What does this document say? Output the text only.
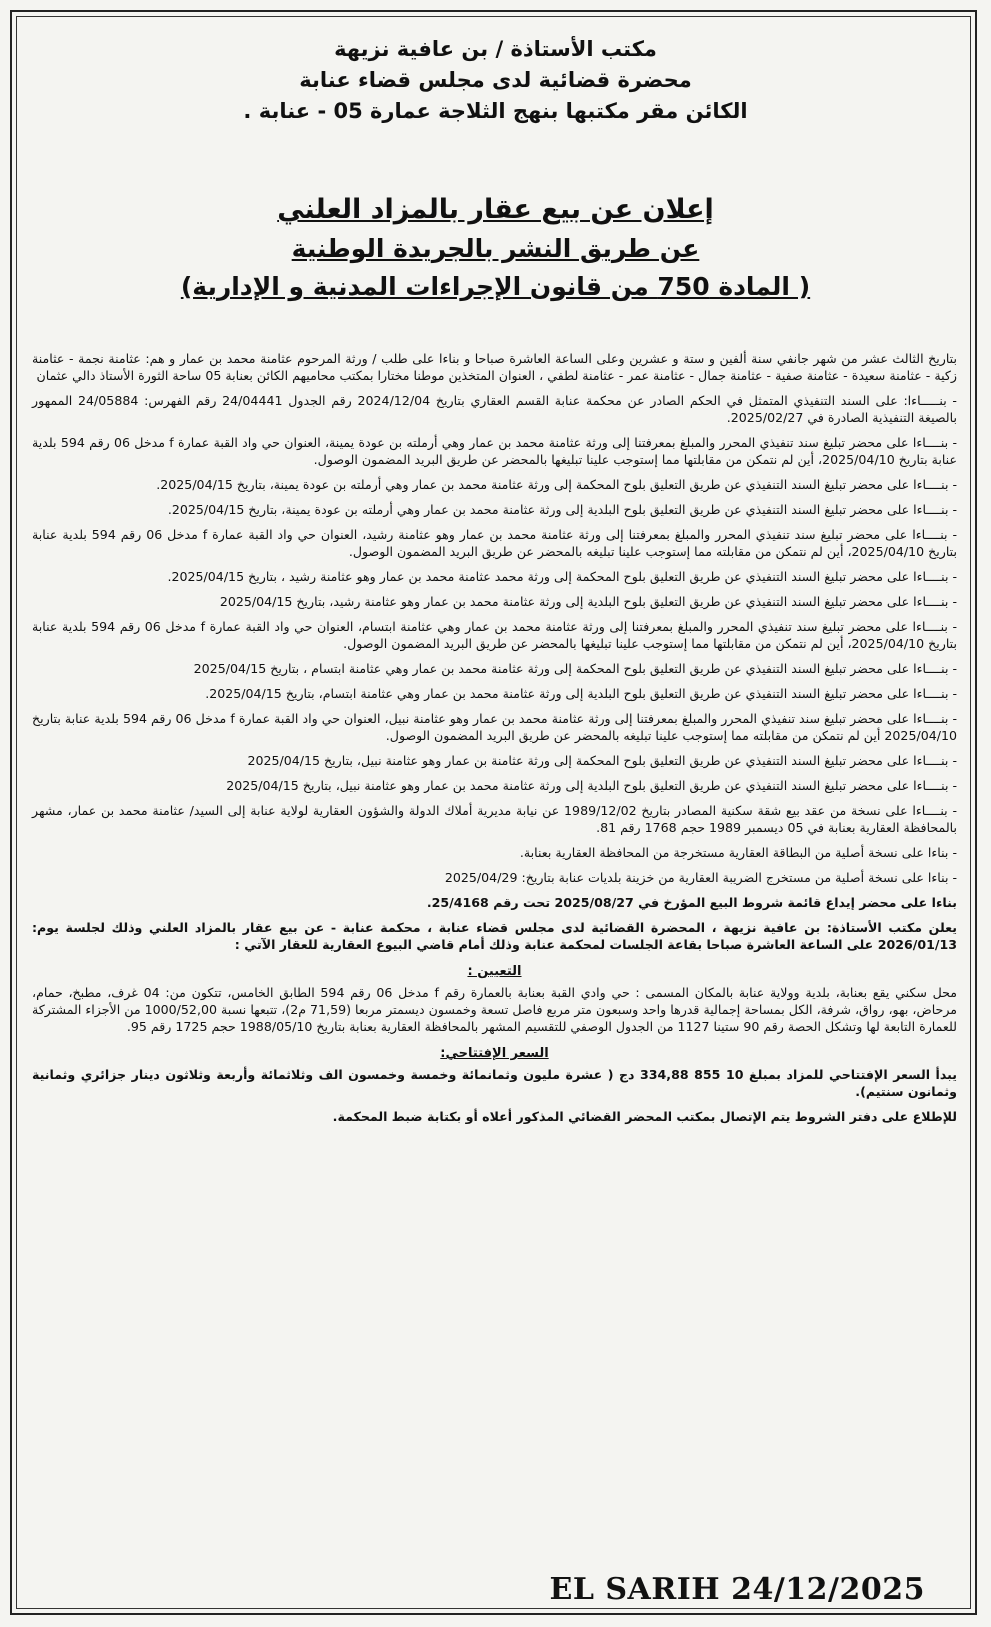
مكتب الأستاذة / بن عافية نزيهة
محضرة قضائية لدى مجلس قضاء عنابة
الكائن مقر مكتبها بنهج الثلاجة عمارة 05 - عنابة .
إعلان عن بيع عقار بالمزاد العلني
عن طريق النشر بالجريدة الوطنية
( المادة 750 من قانون الإجراءات المدنية و الإدارية)

بتاريخ الثالث عشر من شهر جانفي سنة ألفين و ستة و عشرين وعلى الساعة العاشرة صباحا و بناءا على طلب / ورثة المرحوم عثامنة محمد بن عمار و هم: عثامنة نجمة - عثامنة زكية - عثامنة سعيدة - عثامنة صفية - عثامنة جمال - عثامنة عمر - عثامنة لطفي ، العنوان المتخذين موطنا مختارا بمكتب محاميهم الكائن بعنابة 05 ساحة الثورة الأستاذ دالي عثمان

- بنـــــاءا: على السند التنفيذي المتمثل في الحكم الصادر عن محكمة عنابة القسم العقاري بتاريخ 2024/12/04 رقم الجدول 24/04441 رقم الفهرس: 24/05884 الممهور بالصيغة التنفيذية الصادرة في 2025/02/27.

- بنــــاءا على محضر تبليغ سند تنفيذي المحرر والمبلغ بمعرفتنا إلى ورثة عثامنة محمد بن عمار وهي أرملته بن عودة يمينة، العنوان حي واد القبة عمارة f مدخل 06 رقم 594 بلدية عنابة بتاريخ 2025/04/10، أين لم نتمكن من مقابلتها مما إستوجب علينا تبليغها بالمحضر عن طريق البريد المضمون الوصول.

- بنــــاءا على محضر تبليغ السند التنفيذي عن طريق التعليق بلوح المحكمة إلى ورثة عثامنة محمد بن عمار وهي أرملته بن عودة يمينة، بتاريخ 2025/04/15.

- بنــــاءا على محضر تبليغ السند التنفيذي عن طريق التعليق بلوح البلدية إلى ورثة عثامنة محمد بن عمار وهي أرملته بن عودة يمينة، بتاريخ 2025/04/15.

- بنــــاءا على محضر تبليغ سند تنفيذي المحرر والمبلغ بمعرفتنا إلى ورثة عثامنة محمد بن عمار وهو عثامنة رشيد، العنوان حي واد القبة عمارة f مدخل 06 رقم 594 بلدية عنابة بتاريخ 2025/04/10، أين لم نتمكن من مقابلته مما إستوجب علينا تبليغه بالمحضر عن طريق البريد المضمون الوصول.

- بنــــاءا على محضر تبليغ السند التنفيذي عن طريق التعليق بلوح المحكمة إلى ورثة محمد عثامنة محمد بن عمار وهو عثامنة رشيد ، بتاريخ 2025/04/15.

- بنــــاءا على محضر تبليغ السند التنفيذي عن طريق التعليق بلوح البلدية إلى ورثة عثامنة محمد بن عمار وهو عثامنة رشيد، بتاريخ 2025/04/15

- بنــــاءا على محضر تبليغ سند تنفيذي المحرر والمبلغ بمعرفتنا إلى ورثة عثامنة محمد بن عمار وهي عثامنة ابتسام، العنوان حي واد القبة عمارة f مدخل 06 رقم 594 بلدية عنابة بتاريخ 2025/04/10، أين لم نتمكن من مقابلتها مما إستوجب علينا تبليغها بالمحضر عن طريق البريد المضمون الوصول.

- بنــــاءا على محضر تبليغ السند التنفيذي عن طريق التعليق بلوح المحكمة إلى ورثة عثامنة محمد بن عمار وهي عثامنة ابتسام ، بتاريخ 2025/04/15

- بنــــاءا على محضر تبليغ السند التنفيذي عن طريق التعليق بلوح البلدية إلى ورثة عثامنة محمد بن عمار وهي عثامنة ابتسام، بتاريخ 2025/04/15.

- بنــــاءا على محضر تبليغ سند تنفيذي المحرر والمبلغ بمعرفتنا إلى ورثة عثامنة محمد بن عمار وهو عثامنة نبيل، العنوان حي واد القبة عمارة f مدخل 06 رقم 594 بلدية عنابة بتاريخ 2025/04/10 أين لم نتمكن من مقابلته مما إستوجب علينا تبليغه بالمحضر عن طريق البريد المضمون الوصول.

- بنــــاءا على محضر تبليغ السند التنفيذي عن طريق التعليق بلوح المحكمة إلى ورثة عثامنة بن عمار وهو عثامنة نبيل، بتاريخ 2025/04/15

- بنــــاءا على محضر تبليغ السند التنفيذي عن طريق التعليق بلوح البلدية إلى ورثة عثامنة محمد بن عمار وهو عثامنة نبيل، بتاريخ 2025/04/15

- بنــــاءا على نسخة من عقد بيع شقة سكنية المصادر بتاريخ 1989/12/02 عن نيابة مديرية أملاك الدولة والشؤون العقارية لولاية عنابة إلى السيد/ عثامنة محمد بن عمار، مشهر بالمحافظة العقارية بعنابة في 05 ديسمبر 1989 حجم 1768 رقم 81.

- بناءا على نسخة أصلية من البطاقة العقارية مستخرجة من المحافظة العقارية بعنابة.

- بناءا على نسخة أصلية من مستخرج الضريبة العقارية من خزينة بلديات عنابة بتاريخ: 2025/04/29

بناءا على محضر إيداع قائمة شروط البيع المؤرخ في 2025/08/27 تحت رقم 25/4168.

يعلن مكتب الأستاذة: بن عافية نزيهة ، المحضرة القضائية لدى مجلس قضاء عنابة ، محكمة عنابة - عن بيع عقار بالمزاد العلني وذلك لجلسة يوم: 2026/01/13 على الساعة العاشرة صباحا بقاعة الجلسات لمحكمة عنابة وذلك أمام قاضي البيوع العقارية للعقار الآتي :

التعيين :

محل سكني يقع بعنابة، بلدية وولاية عنابة بالمكان المسمى : حي وادي القبة بعنابة بالعمارة رقم f مدخل 06 رقم 594 الطابق الخامس، تتكون من: 04 غرف، مطبخ، حمام، مرحاض، بهو، رواق، شرفة، الكل بمساحة إجمالية قدرها واحد وسبعون متر مربع فاصل تسعة وخمسون ديسمتر مربعا (71,59 م2)، تتبعها نسبة 1000/52,00 من الأجزاء المشتركة للعمارة التابعة لها وتشكل الحصة رقم 90 ستينا 1127 من الجدول الوصفي للتقسيم المشهر بالمحافظة العقارية بعنابة بتاريخ 1988/05/10 حجم 1725 رقم 95.

السعر الإفتتاحي:

يبدأ السعر الإفتتاحي للمزاد بمبلغ 10 855 334,88 دج ( عشرة مليون وثمانمائة وخمسة وخمسون الف وثلاثمائة وأربعة وثلاثون دينار جزائري وثمانية وثمانون سنتيم).

للإطلاع على دفتر الشروط يتم الإتصال بمكتب المحضر القضائي المذكور أعلاه أو بكتابة ضبط المحكمة.

EL SARIH 24/12/2025
